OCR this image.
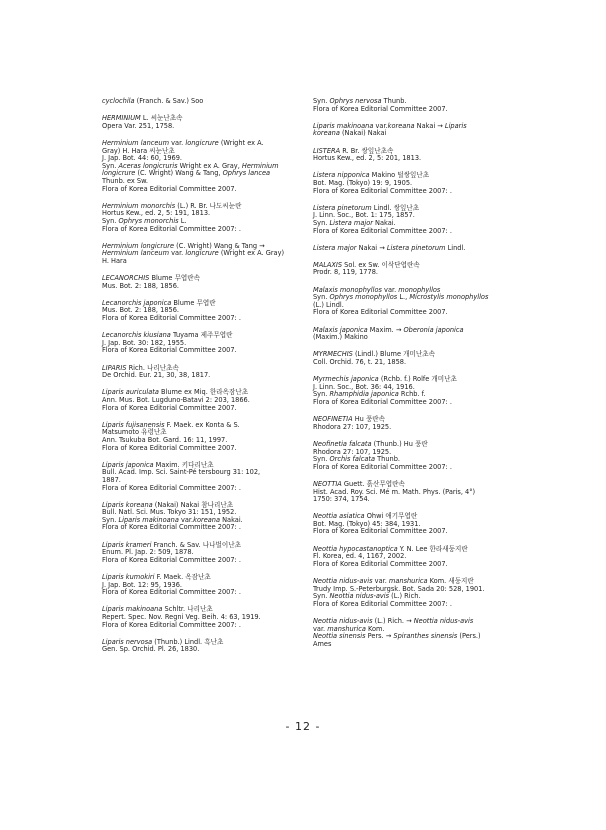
cyclochila (Franch. & Sav.) Soo
HERMINIUM L. 씨눈난초속
Opera Var. 251, 1758.
Herminium lanceum var. longicrure (Wright ex A.
Gray) H. Hara 씨눈난초
J. Jap. Bot. 44: 60, 1969.
Syn. Aceras longicruris Wright ex A. Gray, Herminium
longicrure (C. Wright) Wang & Tang, Ophrys lancea
Thunb. ex Sw.
Flora of Korea Editorial Committee 2007.
Herminium monorchis (L.) R. Br. 나도씨눈란
Hortus Kew., ed. 2, 5: 191, 1813.
Syn. Ophrys monorchis L.
Flora of Korea Editorial Committee 2007: .
Herminium longicrure (C. Wright) Wang & Tang →
Herminium lanceum var. longicrure (Wright ex A. Gray)
H. Hara
LECANORCHIS Blume 무엽란속
Mus. Bot. 2: 188, 1856.
Lecanorchis japonica Blume 무엽란
Mus. Bot. 2: 188, 1856.
Flora of Korea Editorial Committee 2007: .
Lecanorchis kiusiana Tuyama 제주무엽란
J. Jap. Bot. 30: 182, 1955.
Flora of Korea Editorial Committee 2007.
LIPARIS Rich. 나리난초속
De Orchid. Eur. 21, 30, 38, 1817.
Liparis auriculata Blume ex Miq. 한라옥잠난초
Ann. Mus. Bot. Lugduno-Batavi 2: 203, 1866.
Flora of Korea Editorial Committee 2007.
Liparis fujisanensis F. Maek. ex Konta & S.
Matsumoto 유령난초
Ann. Tsukuba Bot. Gard. 16: 11, 1997.
Flora of Korea Editorial Committee 2007.
Liparis japonica Maxim. 키다리난초
Bull. Acad. Imp. Sci. Saint-Pé tersbourg 31: 102,
1887.
Flora of Korea Editorial Committee 2007: .
Liparis koreana (Nakai) Nakai 참나리난초
Bull. Natl. Sci. Mus. Tokyo 31: 151, 1952.
Syn. Liparis makinoana var.koreana Nakai.
Flora of Korea Editorial Committee 2007: .
Liparis krameri Franch. & Sav. 나나벌이난초
Enum. Pl. Jap. 2: 509, 1878.
Flora of Korea Editorial Committee 2007: .
Liparis kumokiri F. Maek. 옥잠난초
J. Jap. Bot. 12: 95, 1936.
Flora of Korea Editorial Committee 2007: .
Liparis makinoana Schltr. 나리난초
Repert. Spec. Nov. Regni Veg. Beih. 4: 63, 1919.
Flora of Korea Editorial Committee 2007: .
Liparis nervosa (Thunb.) Lindl. 흑난초
Gen. Sp. Orchid. Pl. 26, 1830.
Syn. Ophrys nervosa Thunb.
Flora of Korea Editorial Committee 2007.
Liparis makinoana var.koreana Nakai → Liparis
koreana (Nakai) Nakai
LISTERA R. Br. 쌍잎난초속
Hortus Kew., ed. 2, 5: 201, 1813.
Listera nipponica Makino 털쌍잎난초
Bot. Mag. (Tokyo) 19: 9, 1905.
Flora of Korea Editorial Committee 2007: .
Listera pinetorum Lindl. 쌍잎난초
J. Linn. Soc., Bot. 1: 175, 1857.
Syn. Listera major Nakai.
Flora of Korea Editorial Committee 2007: .
Listera major Nakai → Listera pinetorum Lindl.
MALAXIS Sol. ex Sw. 이삭단엽란속
Prodr. 8, 119, 1778.
Malaxis monophyllos var. monophyllos
Syn. Ophrys monophyllos L., Microstylis monophyllos
(L.) Lindl.
Flora of Korea Editorial Committee 2007.
Malaxis japonica Maxim. → Oberonia japonica
(Maxim.) Makino
MYRMECHIS (Lindl.) Blume 개미난초속
Coll. Orchid. 76, t. 21, 1858.
Myrmechis japonica (Rchb. f.) Rolfe 개미난초
J. Linn. Soc., Bot. 36: 44, 1916.
Syn. Rhamphidia japonica Rchb. f.
Flora of Korea Editorial Committee 2007: .
NEOFINETIA Hu 풍란속
Rhodora 27: 107, 1925.
Neofinetia falcata (Thunb.) Hu 풍란
Rhodora 27: 107, 1925.
Syn. Orchis falcata Thunb.
Flora of Korea Editorial Committee 2007: .
NEOTTIA Guett. 흙산무엽란속
Hist. Acad. Roy. Sci. Mé m. Math. Phys. (Paris, 4°)
1750: 374, 1754.
Neottia asiatica Ohwi 애기무엽란
Bot. Mag. (Tokyo) 45: 384, 1931.
Flora of Korea Editorial Committee 2007.
Neottia hypocastanoptica Y. N. Lee 한라새둥지란
Fl. Korea, ed. 4, 1167, 2002.
Flora of Korea Editorial Committee 2007.
Neottia nidus-avis var. manshurica Kom. 새둥지란
Trudy Imp. S.-Peterburgsk. Bot. Sada 20: 528, 1901.
Syn. Neottia nidus-avis (L.) Rich.
Flora of Korea Editorial Committee 2007: .
Neottia nidus-avis (L.) Rich. → Neottia nidus-avis
var. manshurica Kom.
Neottia sinensis Pers. → Spiranthes sinensis (Pers.)
Ames
- 12 -
